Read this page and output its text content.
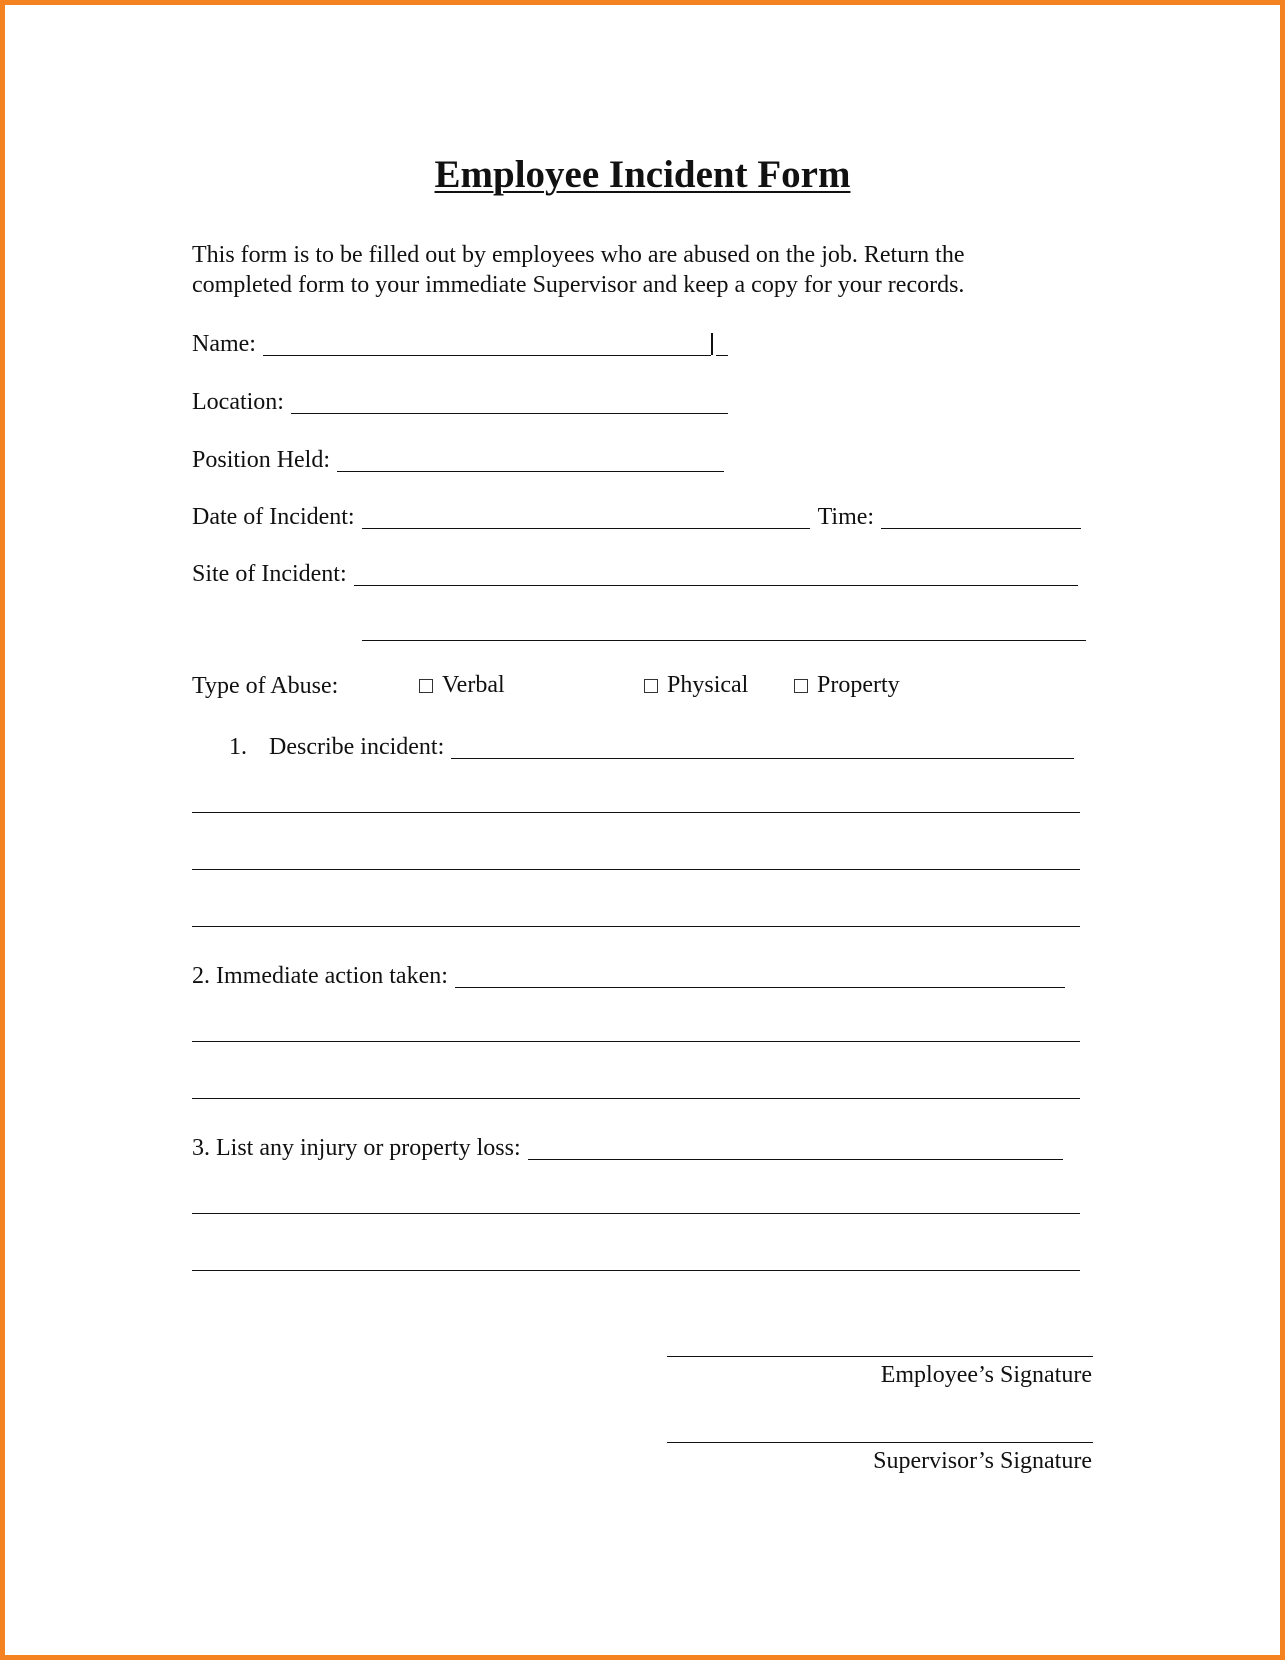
Employee Incident Form
This form is to be filled out by employees who are abused on the job. Return the
completed form to your immediate Supervisor and keep a copy for your records.
Name:
Location:
Position Held:
Date of Incident:	Time:
Site of Incident:
Type of Abuse:	Verbal	Physical	Property
1. Describe incident:
2. Immediate action taken:
3. List any injury or property loss:
Employee’s Signature
Supervisor’s Signature
